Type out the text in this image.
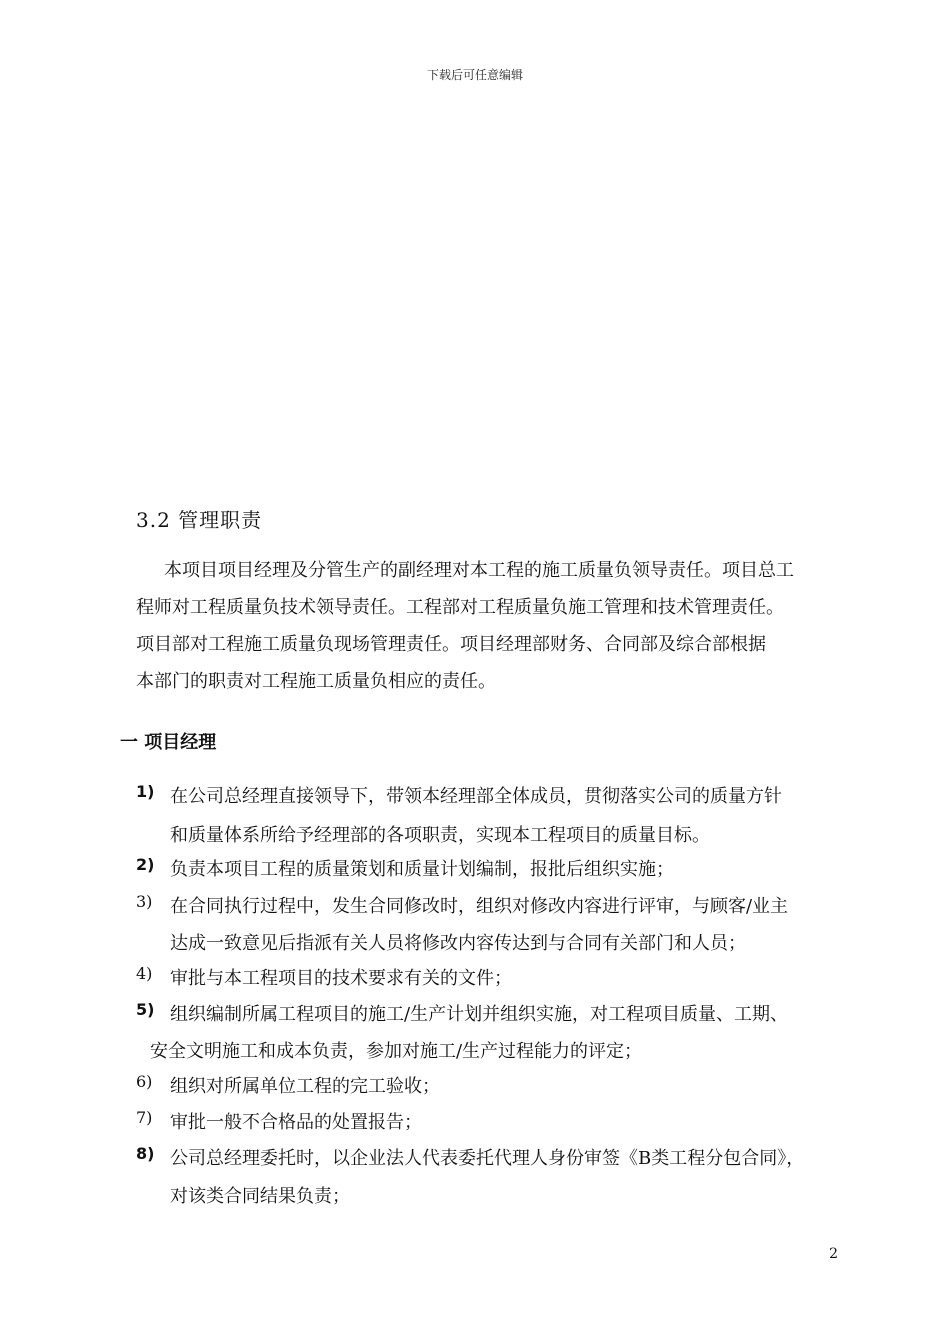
下载后可任意编辑
3.2 管理职责

本项目项目经理及分管生产的副经理对本工程的施工质量负领导责任。项目总工

程师对工程质量负技术领导责任。工程部对工程质量负施工管理和技术管理责任。

项目部对工程施工质量负现场管理责任。项目经理部财务、合同部及综合部根据

本部门的职责对工程施工质量负相应的责任。

一 项目经理
1) 在公司总经理直接领导下，带领本经理部全体成员，贯彻落实公司的质量方针
和质量体系所给予经理部的各项职责，实现本工程项目的质量目标。
2) 负责本项目工程的质量策划和质量计划编制，报批后组织实施；
3) 在合同执行过程中，发生合同修改时，组织对修改内容进行评审，与顾客/业主
达成一致意见后指派有关人员将修改内容传达到与合同有关部门和人员；
4) 审批与本工程项目的技术要求有关的文件；
5) 组织编制所属工程项目的施工/生产计划并组织实施，对工程项目质量、工期、
安全文明施工和成本负责，参加对施工/生产过程能力的评定；
6) 组织对所属单位工程的完工验收；
7) 审批一般不合格品的处置报告；
8) 公司总经理委托时，以企业法人代表委托代理人身份审签《B类工程分包合同》，
对该类合同结果负责；
2
